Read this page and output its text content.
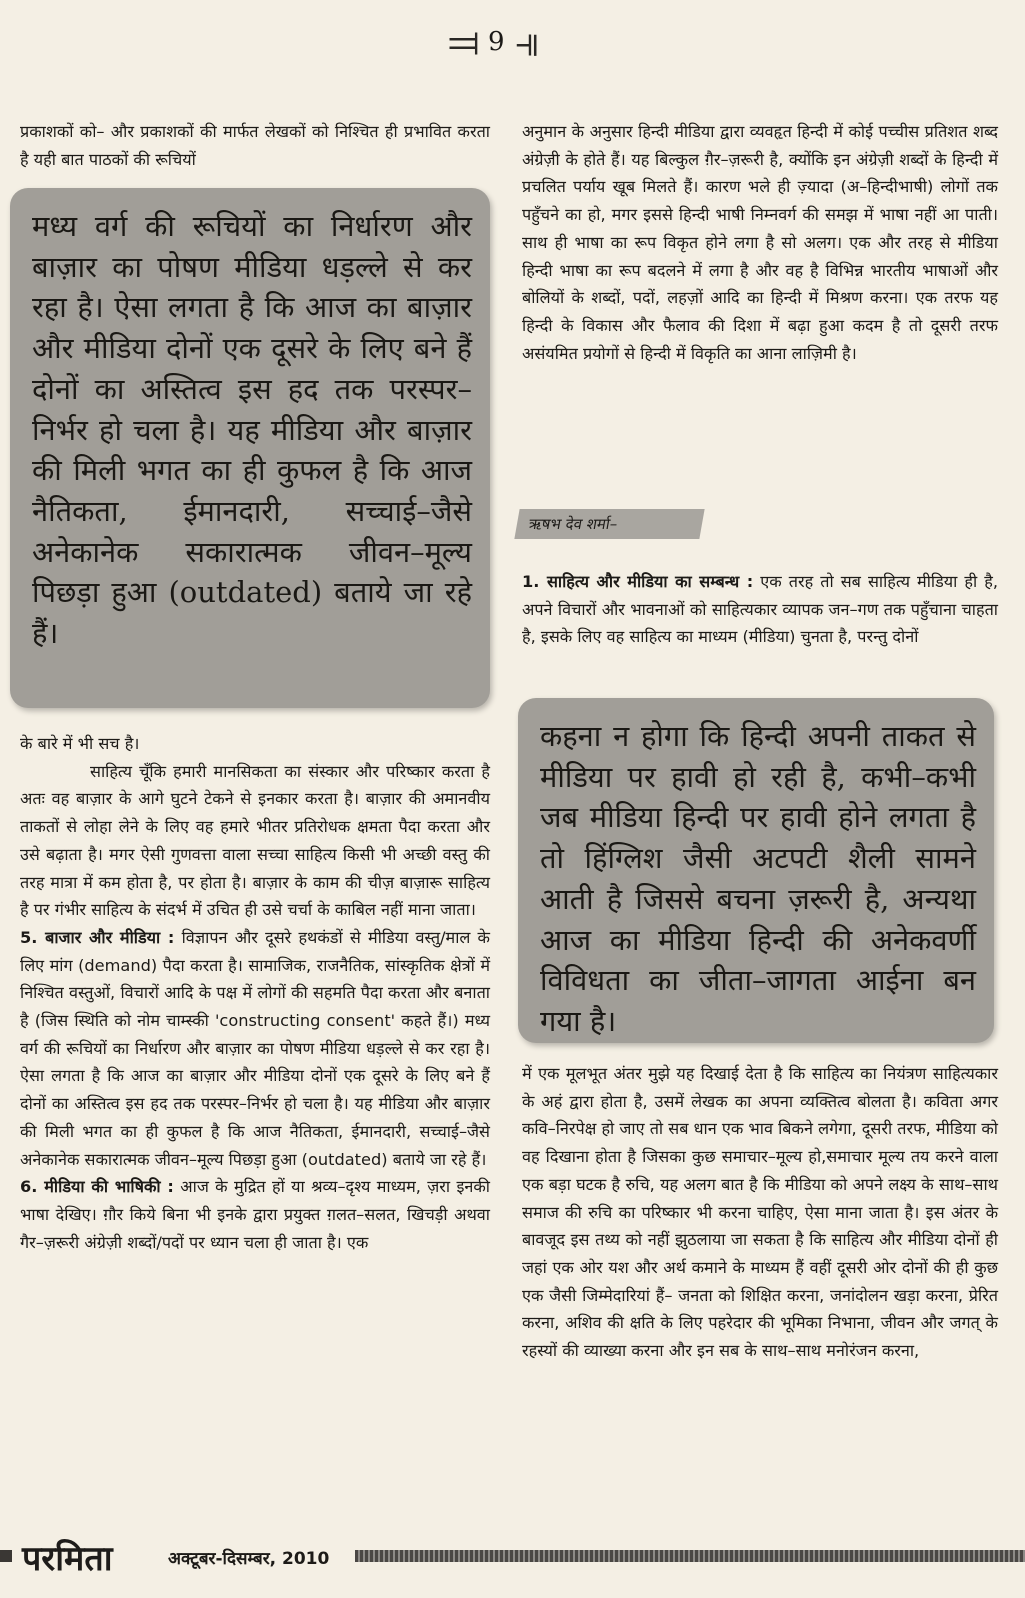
⫤ 9 ⫣

प्रकाशकों को– और प्रकाशकों की मार्फत लेखकों को निश्चित ही प्रभावित करता है यही बात पाठकों की रूचियों

मध्य वर्ग की रूचियों का निर्धारण और बाज़ार का पोषण मीडिया धड़ल्ले से कर रहा है। ऐसा लगता है कि आज का बाज़ार और मीडिया दोनों एक दूसरे के लिए बने हैं दोनों का अस्तित्व इस हद तक परस्पर–निर्भर हो चला है। यह मीडिया और बाज़ार की मिली भगत का ही कुफल है कि आज नैतिकता, ईमानदारी, सच्चाई–जैसे अनेकानेक सकारात्मक जीवन–मूल्य पिछड़ा हुआ (outdated) बताये जा रहे हैं।

के बारे में भी सच है।

साहित्य चूँकि हमारी मानसिकता का संस्कार और परिष्कार करता है अतः वह बाज़ार के आगे घुटने टेकने से इनकार करता है। बाज़ार की अमानवीय ताकतों से लोहा लेने के लिए वह हमारे भीतर प्रतिरोधक क्षमता पैदा करता और उसे बढ़ाता है। मगर ऐसी गुणवत्ता वाला सच्चा साहित्य किसी भी अच्छी वस्तु की तरह मात्रा में कम होता है, पर होता है। बाज़ार के काम की चीज़ बाज़ारू साहित्य है पर गंभीर साहित्य के संदर्भ में उचित ही उसे चर्चा के काबिल नहीं माना जाता।

5. बाजार और मीडिया : विज्ञापन और दूसरे हथकंडों से मीडिया वस्तु/माल के लिए मांग (demand) पैदा करता है। सामाजिक, राजनैतिक, सांस्कृतिक क्षेत्रों में निश्चित वस्तुओं, विचारों आदि के पक्ष में लोगों की सहमति पैदा करता और बनाता है (जिस स्थिति को नोम चाम्स्की 'constructing consent' कहते हैं।) मध्य वर्ग की रूचियों का निर्धारण और बाज़ार का पोषण मीडिया धड़ल्ले से कर रहा है। ऐसा लगता है कि आज का बाज़ार और मीडिया दोनों एक दूसरे के लिए बने हैं दोनों का अस्तित्व इस हद तक परस्पर–निर्भर हो चला है। यह मीडिया और बाज़ार की मिली भगत का ही कुफल है कि आज नैतिकता, ईमानदारी, सच्चाई–जैसे अनेकानेक सकारात्मक जीवन–मूल्य पिछड़ा हुआ (outdated) बताये जा रहे हैं।

6. मीडिया की भाषिकी : आज के मुद्रित हों या श्रव्य–दृश्य माध्यम, ज़रा इनकी भाषा देखिए। ग़ौर किये बिना भी इनके द्वारा प्रयुक्त ग़लत–सलत, खिचड़ी अथवा गैर–ज़रूरी अंग्रेज़ी शब्दों/पदों पर ध्यान चला ही जाता है। एक

अनुमान के अनुसार हिन्दी मीडिया द्वारा व्यवहृत हिन्दी में कोई पच्चीस प्रतिशत शब्द अंग्रेज़ी के होते हैं। यह बिल्कुल ग़ैर–ज़रूरी है, क्योंकि इन अंग्रेज़ी शब्दों के हिन्दी में प्रचलित पर्याय खूब मिलते हैं। कारण भले ही ज़्यादा (अ–हिन्दीभाषी) लोगों तक पहुँचने का हो, मगर इससे हिन्दी भाषी निम्नवर्ग की समझ में भाषा नहीं आ पाती। साथ ही भाषा का रूप विकृत होने लगा है सो अलग। एक और तरह से मीडिया हिन्दी भाषा का रूप बदलने में लगा है और वह है विभिन्न भारतीय भाषाओं और बोलियों के शब्दों, पदों, लहज़ों आदि का हिन्दी में मिश्रण करना। एक तरफ यह हिन्दी के विकास और फैलाव की दिशा में बढ़ा हुआ कदम है तो दूसरी तरफ असंयमित प्रयोगों से हिन्दी में विकृति का आना लाज़िमी है।

ऋषभ देव शर्मा–

1. साहित्य और मीडिया का सम्बन्ध : एक तरह तो सब साहित्य मीडिया ही है, अपने विचारों और भावनाओं को साहित्यकार व्यापक जन–गण तक पहुँचाना चाहता है, इसके लिए वह साहित्य का माध्यम (मीडिया) चुनता है, परन्तु दोनों

कहना न होगा कि हिन्दी अपनी ताकत से मीडिया पर हावी हो रही है, कभी–कभी जब मीडिया हिन्दी पर हावी होने लगता है तो हिंग्लिश जैसी अटपटी शैली सामने आती है जिससे बचना ज़रूरी है, अन्यथा आज का मीडिया हिन्दी की अनेकवर्णी विविधता का जीता–जागता आईना बन गया है।

में एक मूलभूत अंतर मुझे यह दिखाई देता है कि साहित्य का नियंत्रण साहित्यकार के अहं द्वारा होता है, उसमें लेखक का अपना व्यक्तित्व बोलता है। कविता अगर कवि–निरपेक्ष हो जाए तो सब धान एक भाव बिकने लगेगा, दूसरी तरफ, मीडिया को वह दिखाना होता है जिसका कुछ समाचार–मूल्य हो,समाचार मूल्य तय करने वाला एक बड़ा घटक है रुचि, यह अलग बात है कि मीडिया को अपने लक्ष्य के साथ–साथ समाज की रुचि का परिष्कार भी करना चाहिए, ऐसा माना जाता है। इस अंतर के बावजूद इस तथ्य को नहीं झुठलाया जा सकता है कि साहित्य और मीडिया दोनों ही जहां एक ओर यश और अर्थ कमाने के माध्यम हैं वहीं दूसरी ओर दोनों की ही कुछ एक जैसी जिम्मेदारियां हैं– जनता को शिक्षित करना, जनांदोलन खड़ा करना, प्रेरित करना, अशिव की क्षति के लिए पहरेदार की भूमिका निभाना, जीवन और जगत् के रहस्यों की व्याख्या करना और इन सब के साथ–साथ मनोरंजन करना,

परमिता	अक्टूबर-दिसम्बर, 2010
